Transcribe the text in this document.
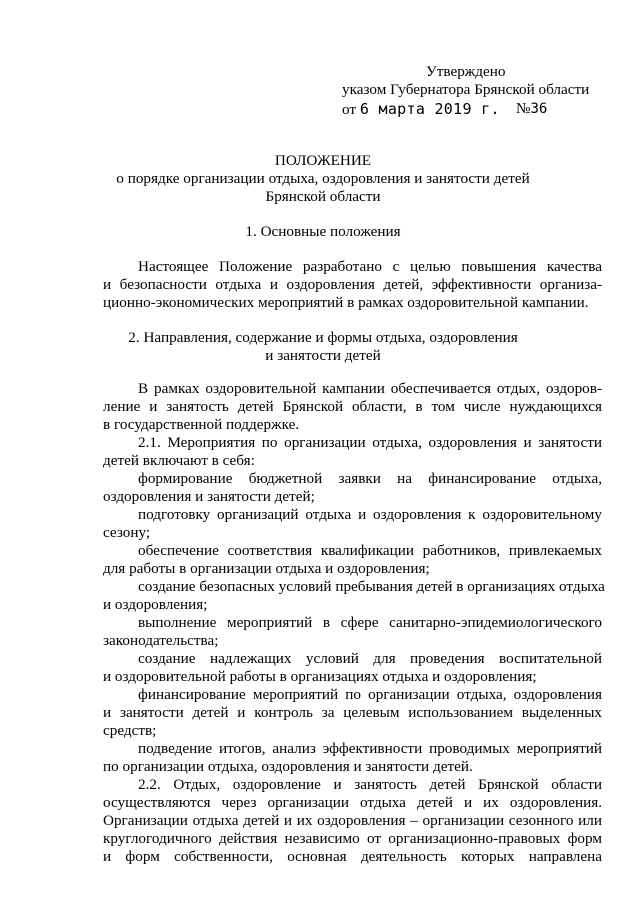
Утверждено
указом Губернатора Брянской области
от 6 марта 2019 г. №36
ПОЛОЖЕНИЕ
о порядке организации отдыха, оздоровления и занятости детей
Брянской области
1. Основные положения
Настоящее Положение разработано с целью повышения качества
и безопасности отдыха и оздоровления детей, эффективности организа-
ционно-экономических мероприятий в рамках оздоровительной кампании.
2. Направления, содержание и формы отдыха, оздоровления
и занятости детей
В рамках оздоровительной кампании обеспечивается отдых, оздоров-
ление и занятость детей Брянской области, в том числе нуждающихся
в государственной поддержке.
2.1. Мероприятия по организации отдыха, оздоровления и занятости
детей включают в себя:
формирование бюджетной заявки на финансирование отдыха,
оздоровления и занятости детей;
подготовку организаций отдыха и оздоровления к оздоровительному
сезону;
обеспечение соответствия квалификации работников, привлекаемых
для работы в организации отдыха и оздоровления;
создание безопасных условий пребывания детей в организациях отдыха
и оздоровления;
выполнение мероприятий в сфере санитарно-эпидемиологического
законодательства;
создание надлежащих условий для проведения воспитательной
и оздоровительной работы в организациях отдыха и оздоровления;
финансирование мероприятий по организации отдыха, оздоровления
и занятости детей и контроль за целевым использованием выделенных
средств;
подведение итогов, анализ эффективности проводимых мероприятий
по организации отдыха, оздоровления и занятости детей.
2.2. Отдых, оздоровление и занятость детей Брянской области
осуществляются через организации отдыха детей и их оздоровления.
Организации отдыха детей и их оздоровления – организации сезонного или
круглогодичного действия независимо от организационно-правовых форм
и форм собственности, основная деятельность которых направлена
